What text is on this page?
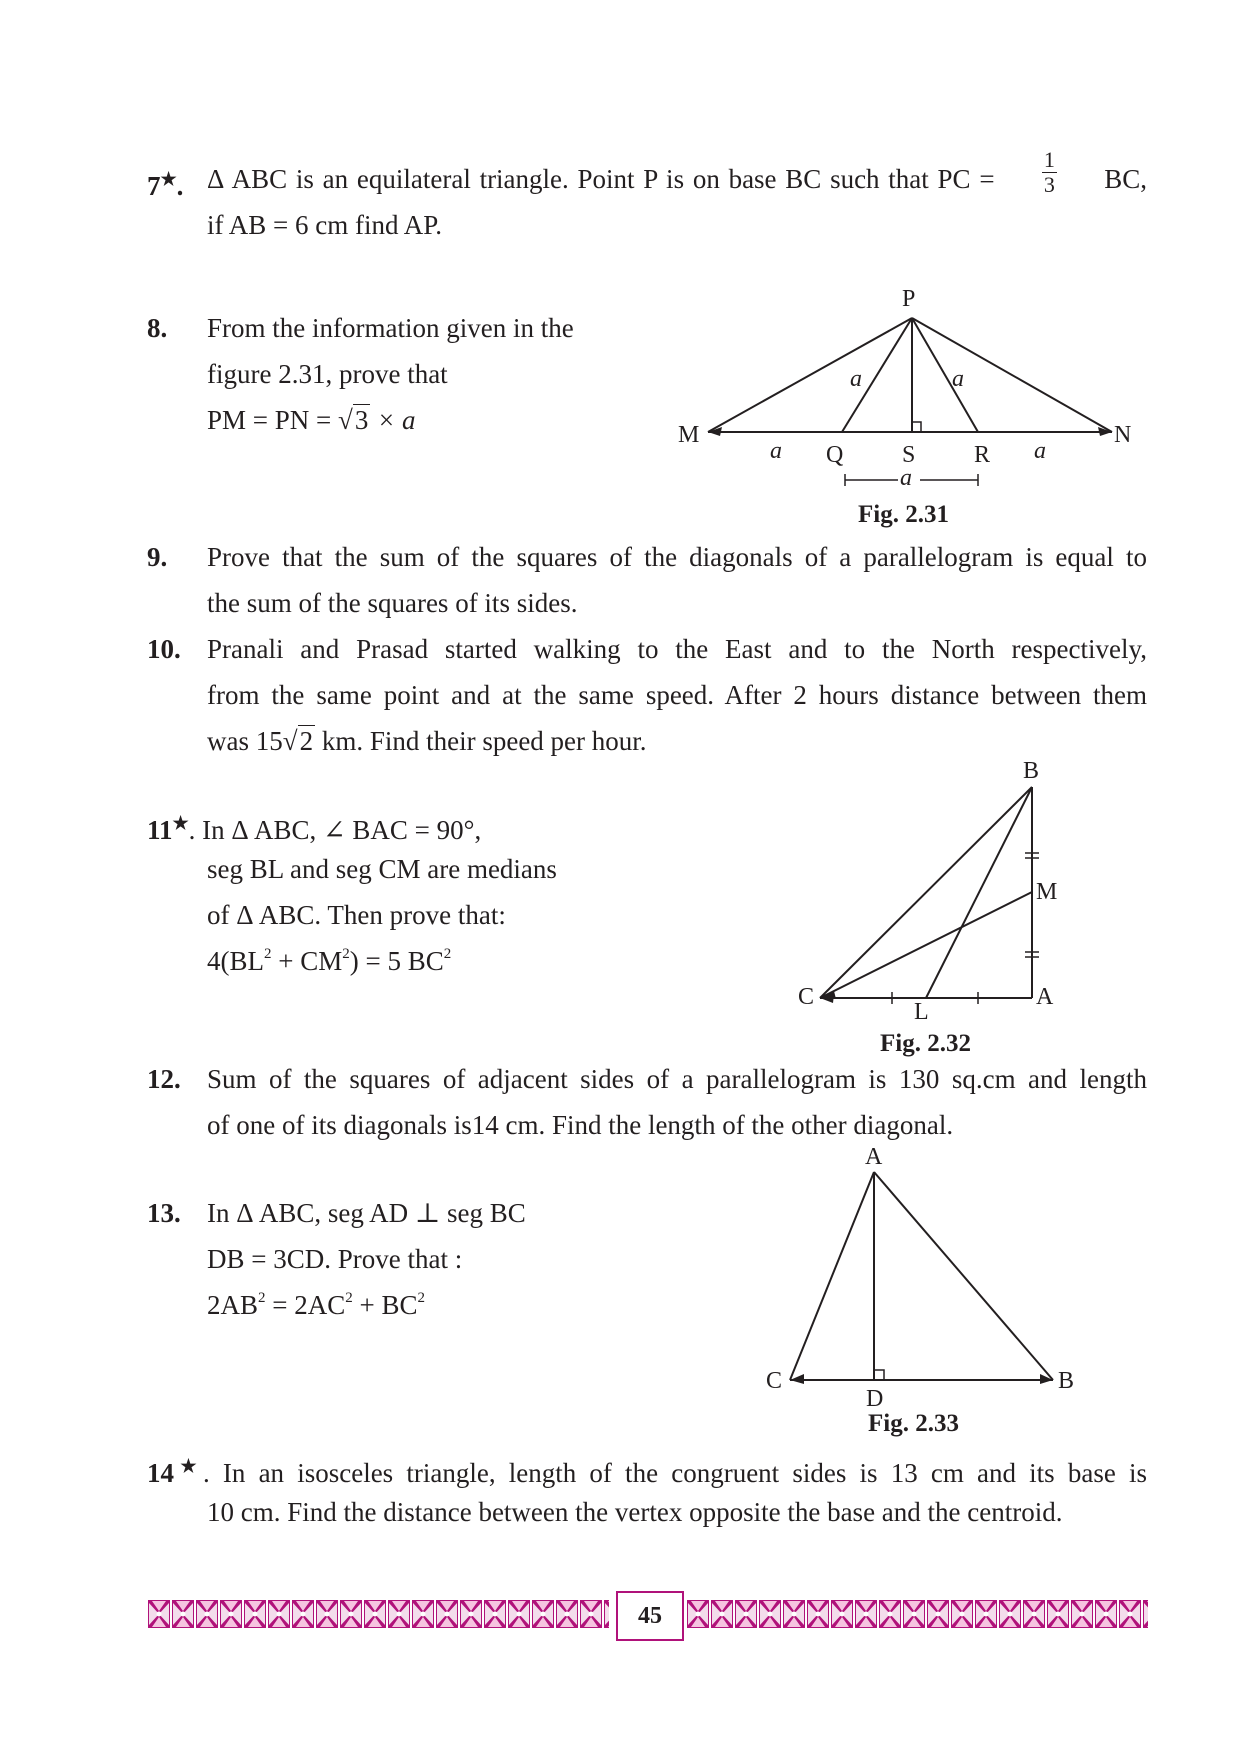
7★. Δ ABC is an equilateral triangle. Point P is on base BC such that PC = $\frac{1}{3}$ BC,
if AB = 6 cm find AP.
8. From the information given in the
figure 2.31, prove that
PM = PN = √3 × a
P
M	N
Q S R
a	a
a	a
a
Fig. 2.31
9. Prove that the sum of the squares of the diagonals of a parallelogram is equal to
the sum of the squares of its sides.
10. Pranali and Prasad started walking to the East and to the North respectively,
from the same point and at the same speed. After 2 hours distance between them
was 15√2 km. Find their speed per hour.
11★. In Δ ABC, ∠ BAC = 90°,
seg BL and seg CM are medians
of Δ ABC. Then prove that:
$4(BL^2 + CM^2) = 5$ $BC^2$
B
M
C
L
A
Fig. 2.32
12. Sum of the squares of adjacent sides of a parallelogram is 130 sq.cm and length
of one of its diagonals is14 cm. Find the length of the other diagonal.
13. In Δ ABC, seg AD ⊥ seg BC
DB = 3CD. Prove that :
$2AB^2 = 2AC^2 + BC^2$
A
C
D
B
Fig. 2.33
14★. In an isosceles triangle, length of the congruent sides is 13 cm and its base is
10 cm. Find the distance between the vertex opposite the base and the centroid.
45
